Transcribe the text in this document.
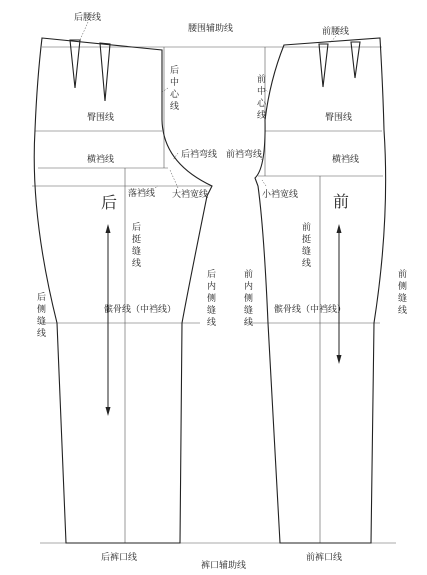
后腰线
腰围辅助线	前腰线
后
中
心
线
前
中
心
线
臀围线	臀围线
后裆弯线 前裆弯线
横裆线	横裆线
落裆线 大裆宽线	小裆宽线
后	前
后
挺
缝
线
前
挺
缝
线
后
内
侧
缝
线
前
内
侧
缝
线
后
侧
缝
线
前
侧
缝
线
髌骨线（中裆线）	髌骨线（中裆线）
后裤口线
裤口辅助线
前裤口线
